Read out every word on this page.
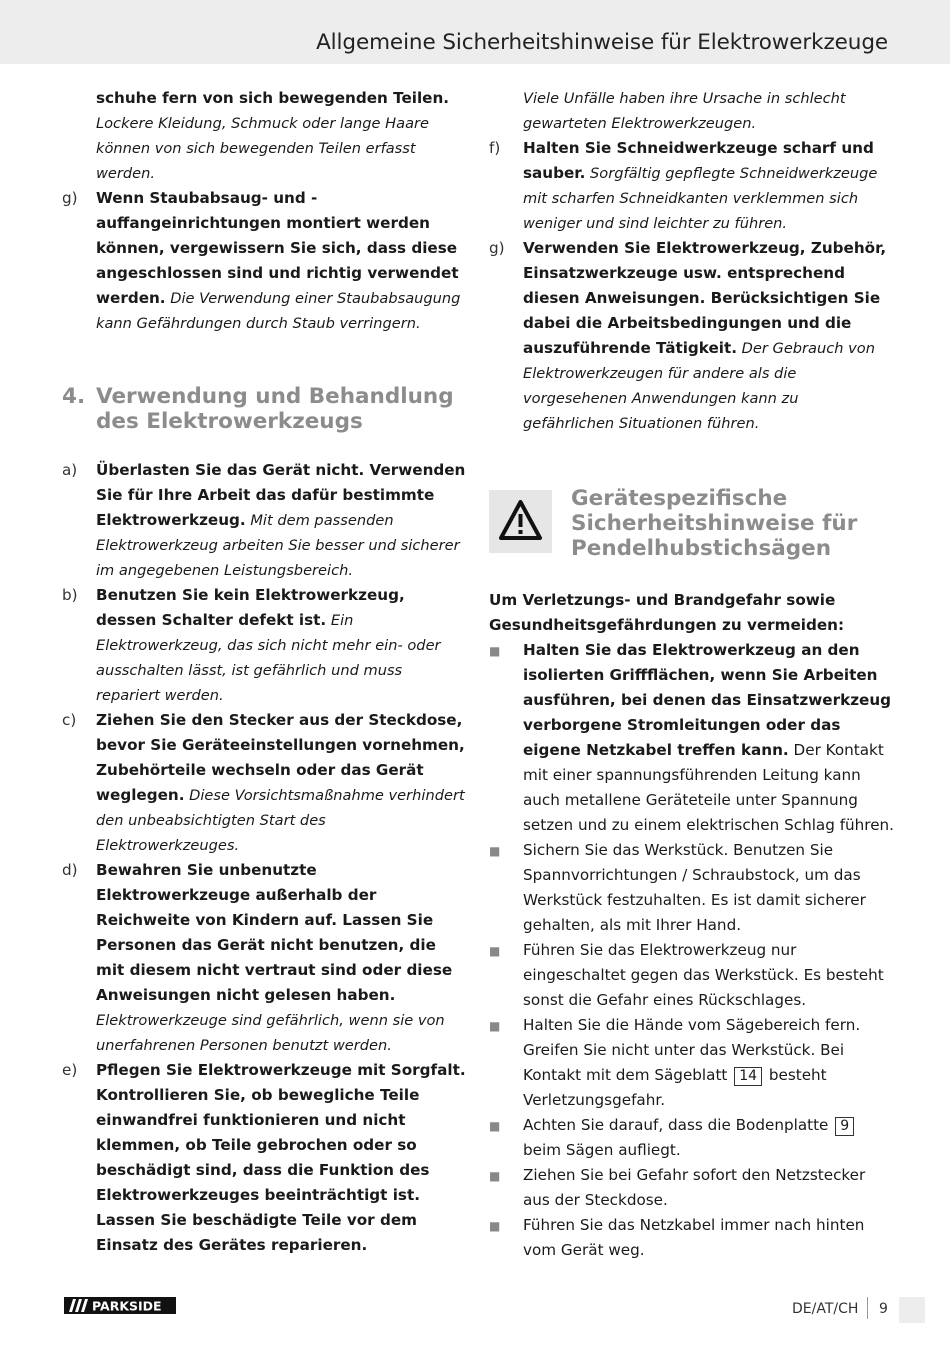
Allgemeine Sicherheitshinweise für Elektrowerkzeuge
schuhe fern von sich bewegenden Teilen. Lockere Kleidung, Schmuck oder lange Haare können von sich bewegenden Teilen erfasst werden.
g) Wenn Staubabsaug- und -auffangeinrichtungen montiert werden können, vergewissern Sie sich, dass diese angeschlossen sind und richtig verwendet werden. Die Verwendung einer Staubabsaugung kann Gefährdungen durch Staub verringern.
4. Verwendung und Behandlung des Elektrowerkzeugs
a) Überlasten Sie das Gerät nicht. Verwenden Sie für Ihre Arbeit das dafür bestimmte Elektrowerkzeug. Mit dem passenden Elektrowerkzeug arbeiten Sie besser und sicherer im angegebenen Leistungsbereich.
b) Benutzen Sie kein Elektrowerkzeug, dessen Schalter defekt ist. Ein Elektrowerkzeug, das sich nicht mehr ein- oder ausschalten lässt, ist gefährlich und muss repariert werden.
c) Ziehen Sie den Stecker aus der Steckdose, bevor Sie Geräteeinstellungen vornehmen, Zubehörteile wechseln oder das Gerät weglegen. Diese Vorsichtsmaßnahme verhindert den unbeabsichtigten Start des Elektrowerkzeuges.
d) Bewahren Sie unbenutzte Elektrowerkzeuge außerhalb der Reichweite von Kindern auf. Lassen Sie Personen das Gerät nicht benutzen, die mit diesem nicht vertraut sind oder diese Anweisungen nicht gelesen haben. Elektrowerkzeuge sind gefährlich, wenn sie von unerfahrenen Personen benutzt werden.
e) Pflegen Sie Elektrowerkzeuge mit Sorgfalt. Kontrollieren Sie, ob bewegliche Teile einwandfrei funktionieren und nicht klemmen, ob Teile gebrochen oder so beschädigt sind, dass die Funktion des Elektrowerkzeuges beeinträchtigt ist. Lassen Sie beschädigte Teile vor dem Einsatz des Gerätes reparieren.
Viele Unfälle haben ihre Ursache in schlecht gewarteten Elektrowerkzeugen.
f) Halten Sie Schneidwerkzeuge scharf und sauber. Sorgfältig gepflegte Schneidwerkzeuge mit scharfen Schneidkanten verklemmen sich weniger und sind leichter zu führen.
g) Verwenden Sie Elektrowerkzeug, Zubehör, Einsatzwerkzeuge usw. entsprechend diesen Anweisungen. Berücksichtigen Sie dabei die Arbeitsbedingungen und die auszuführende Tätigkeit. Der Gebrauch von Elektrowerkzeugen für andere als die vorgesehenen Anwendungen kann zu gefährlichen Situationen führen.
Gerätespezifische Sicherheitshinweise für Pendelhubstichsägen
Um Verletzungs- und Brandgefahr sowie Gesundheitsgefährdungen zu vermeiden:
■ Halten Sie das Elektrowerkzeug an den isolierten Griffflächen, wenn Sie Arbeiten ausführen, bei denen das Einsatzwerkzeug verborgene Stromleitungen oder das eigene Netzkabel treffen kann. Der Kontakt mit einer spannungsführenden Leitung kann auch metallene Geräteteile unter Spannung setzen und zu einem elektrischen Schlag führen.
■ Sichern Sie das Werkstück. Benutzen Sie Spannvorrichtungen / Schraubstock, um das Werkstück festzuhalten. Es ist damit sicherer gehalten, als mit Ihrer Hand.
■ Führen Sie das Elektrowerkzeug nur eingeschaltet gegen das Werkstück. Es besteht sonst die Gefahr eines Rückschlages.
■ Halten Sie die Hände vom Sägebereich fern. Greifen Sie nicht unter das Werkstück. Bei Kontakt mit dem Sägeblatt 14 besteht Verletzungsgefahr.
■ Achten Sie darauf, dass die Bodenplatte 9 beim Sägen aufliegt.
■ Ziehen Sie bei Gefahr sofort den Netzstecker aus der Steckdose.
■ Führen Sie das Netzkabel immer nach hinten vom Gerät weg.
PARKSIDE	DE/AT/CH 9
